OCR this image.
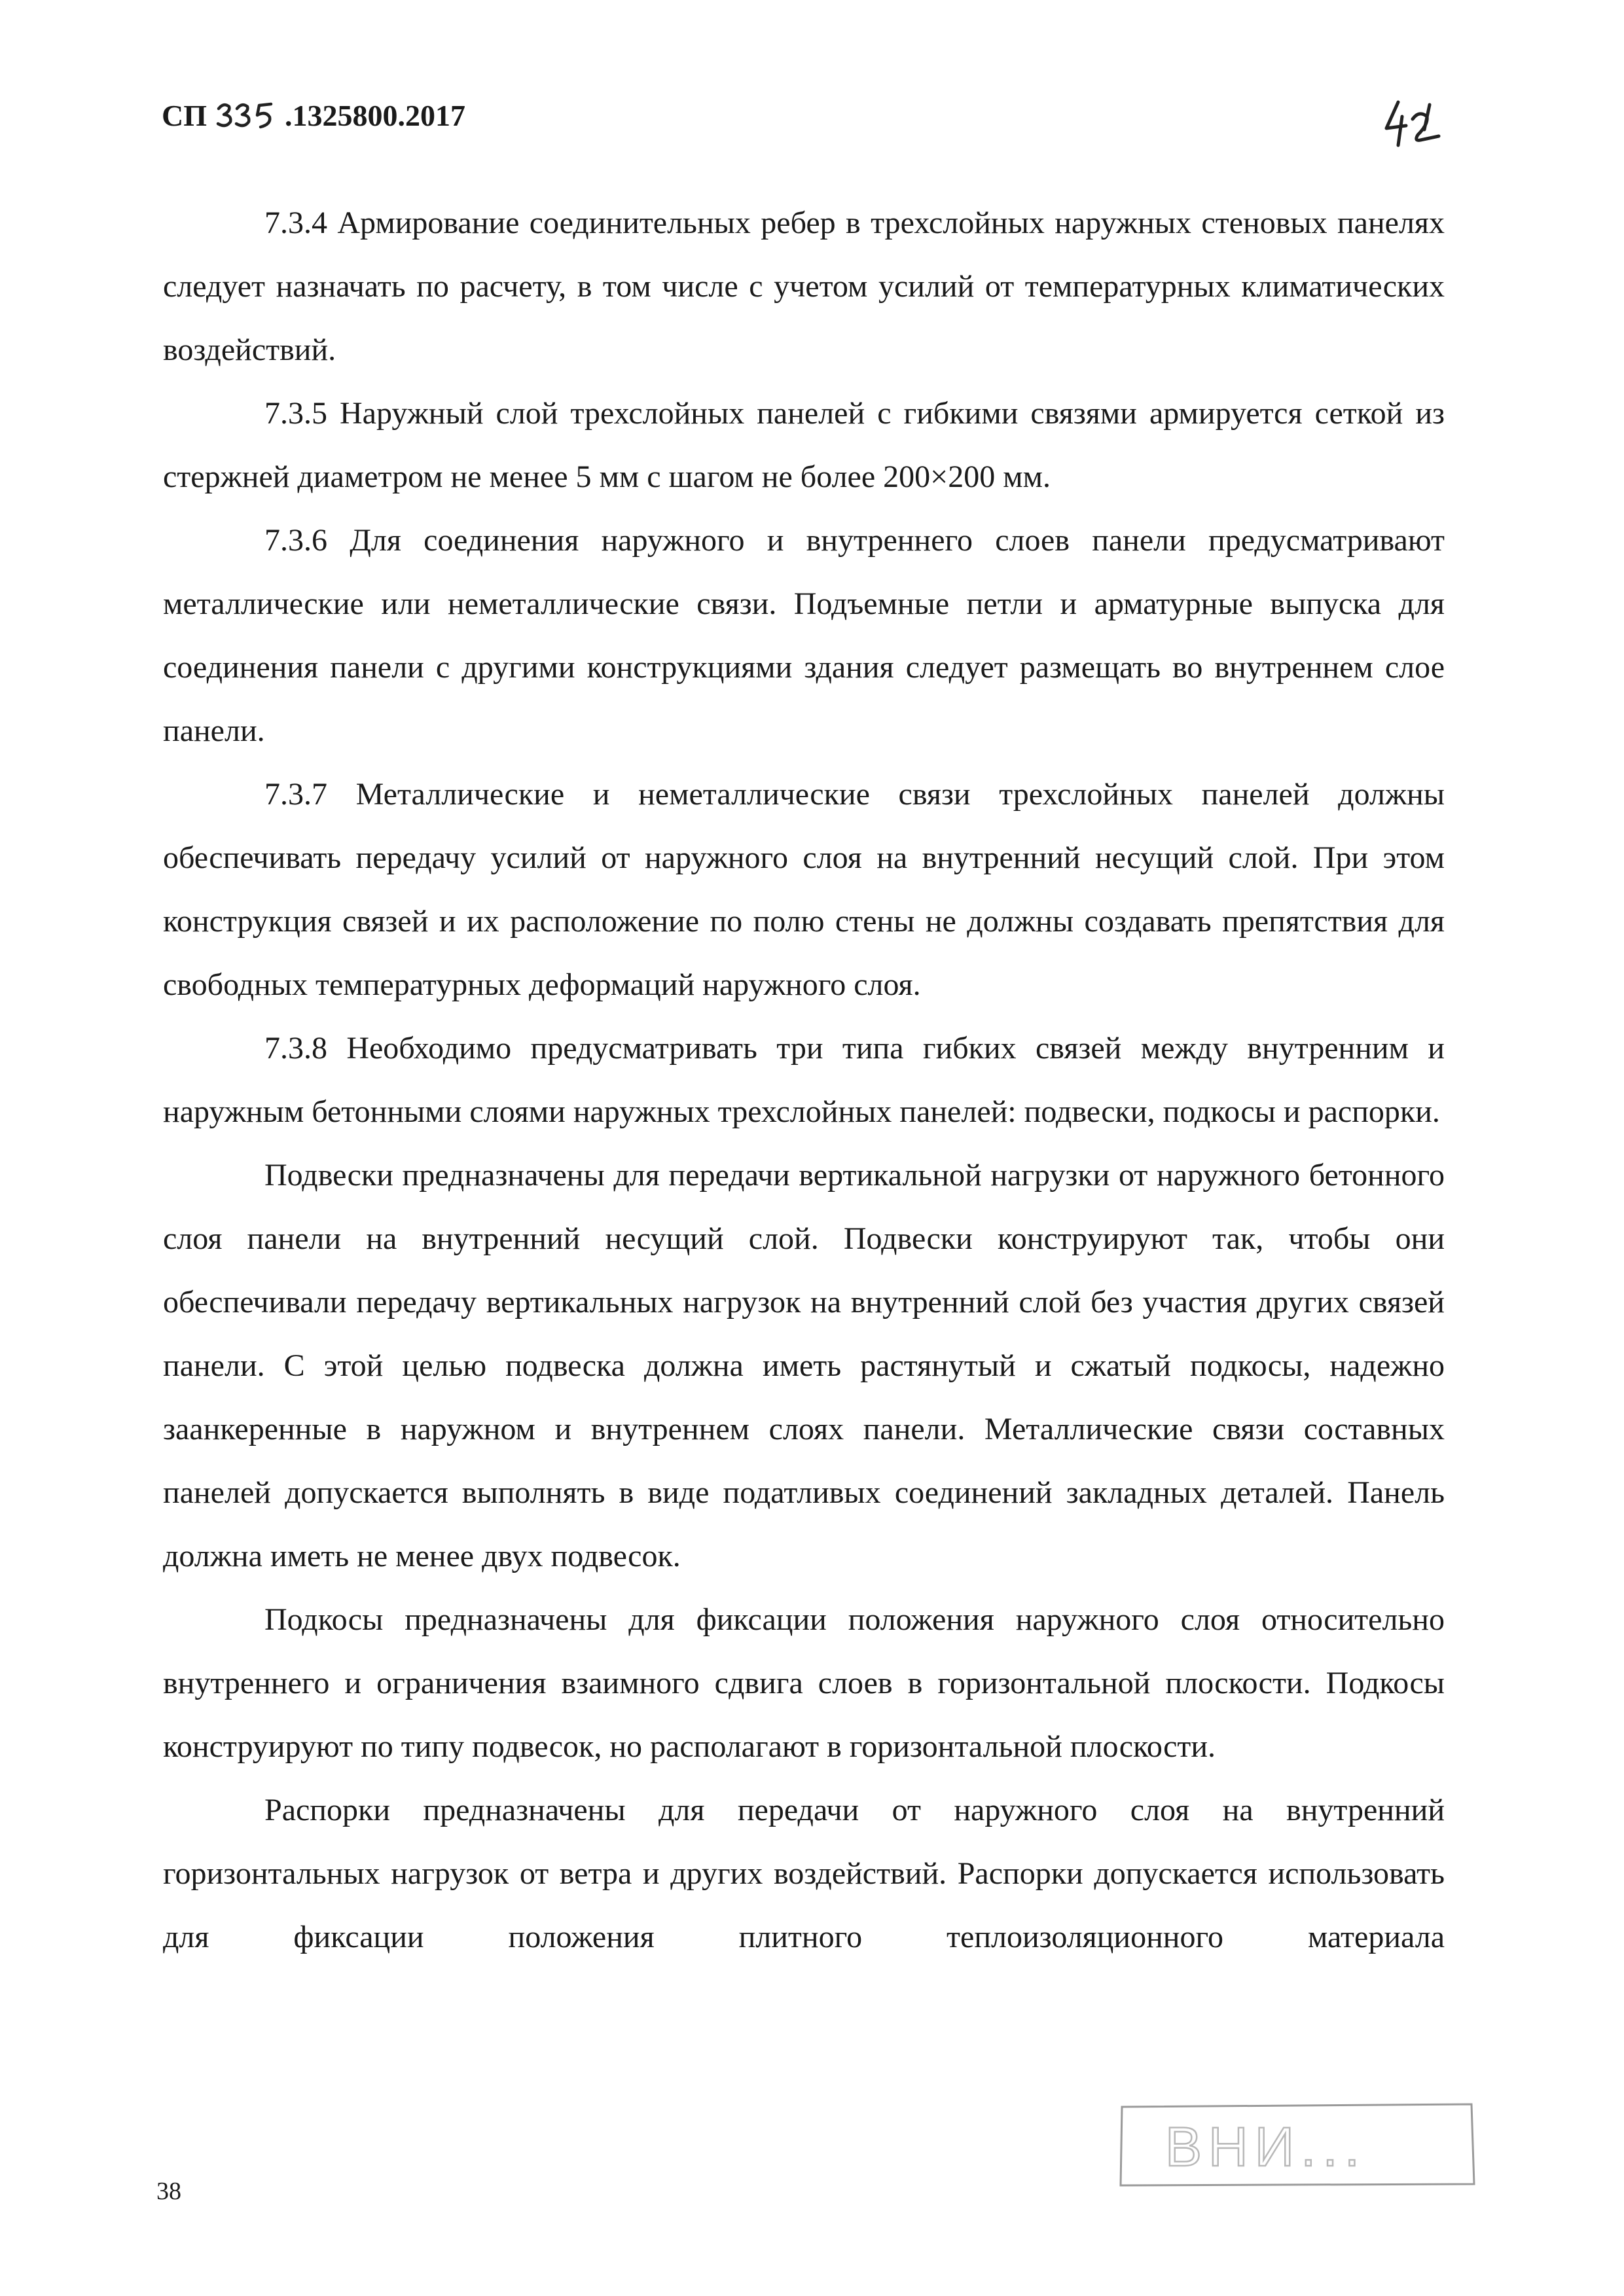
СП	.1325800.2017

7.3.4 Армирование соединительных ребер в трехслойных наружных стеновых панелях следует назначать по расчету, в том числе с учетом усилий от температурных климатических воздействий.

7.3.5 Наружный слой трехслойных панелей с гибкими связями армируется сеткой из стержней диаметром не менее 5 мм с шагом не более 200×200 мм.

7.3.6 Для соединения наружного и внутреннего слоев панели предусматривают металлические или неметаллические связи. Подъемные петли и арматурные выпуска для соединения панели с другими конструкциями здания следует размещать во внутреннем слое панели.

7.3.7 Металлические и неметаллические связи трехслойных панелей должны обеспечивать передачу усилий от наружного слоя на внутренний несущий слой. При этом конструкция связей и их расположение по полю стены не должны создавать препятствия для свободных температурных деформаций наружного слоя.

7.3.8 Необходимо предусматривать три типа гибких связей между внутренним и наружным бетонными слоями наружных трехслойных панелей: подвески, подкосы и распорки.

Подвески предназначены для передачи вертикальной нагрузки от наружного бетонного слоя панели на внутренний несущий слой. Подвески конструируют так, чтобы они обеспечивали передачу вертикальных нагрузок на внутренний слой без участия других связей панели. С этой целью подвеска должна иметь растянутый и сжатый подкосы, надежно заанкеренные в наружном и внутреннем слоях панели. Металлические связи составных панелей допускается выполнять в виде податливых соединений закладных деталей. Панель должна иметь не менее двух подвесок.

Подкосы предназначены для фиксации положения наружного слоя относительно внутреннего и ограничения взаимного сдвига слоев в горизонтальной плоскости. Подкосы конструируют по типу подвесок, но располагают в горизонтальной плоскости.

Распорки предназначены для передачи от наружного слоя на внутренний горизонтальных нагрузок от ветра и других воздействий. Распорки допускается использовать для фиксации положения плитного теплоизоляционного материала

ВНИ...
38
